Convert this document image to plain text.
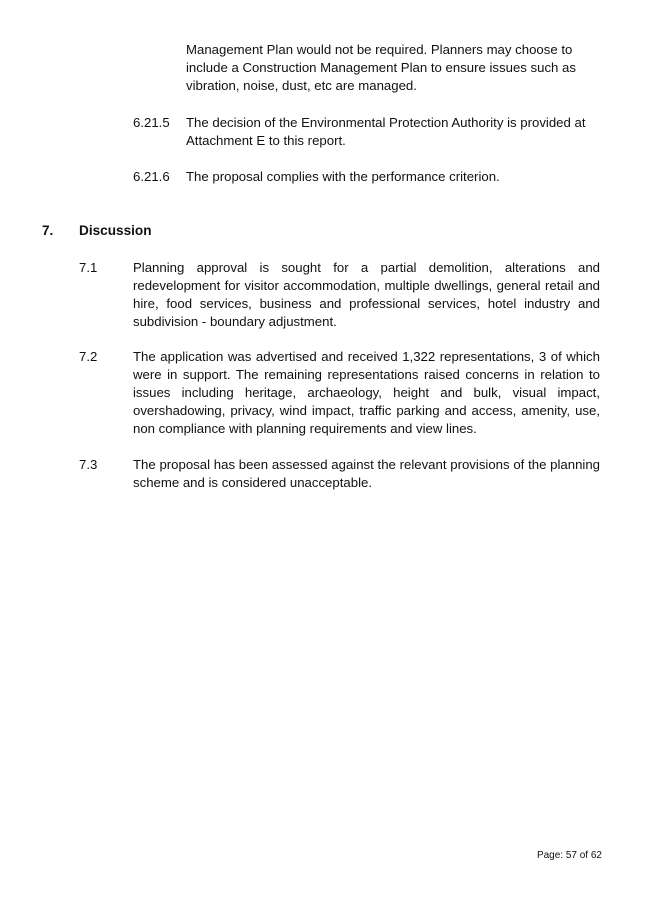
Management Plan would not be required. Planners may choose to include a Construction Management Plan to ensure issues such as vibration, noise, dust, etc are managed.

6.21.5 The decision of the Environmental Protection Authority is provided at Attachment E to this report.

6.21.6 The proposal complies with the performance criterion.

7. Discussion
7.1	Planning approval is sought for a partial demolition, alterations and redevelopment for visitor accommodation, multiple dwellings, general retail and hire, food services, business and professional services, hotel industry and subdivision - boundary adjustment.

7.2	The application was advertised and received 1,322 representations, 3 of which were in support. The remaining representations raised concerns in relation to issues including heritage, archaeology, height and bulk, visual impact, overshadowing, privacy, wind impact, traffic parking and access, amenity, use, non compliance with planning requirements and view lines.

7.3	The proposal has been assessed against the relevant provisions of the planning scheme and is considered unacceptable.

Page: 57 of 62
